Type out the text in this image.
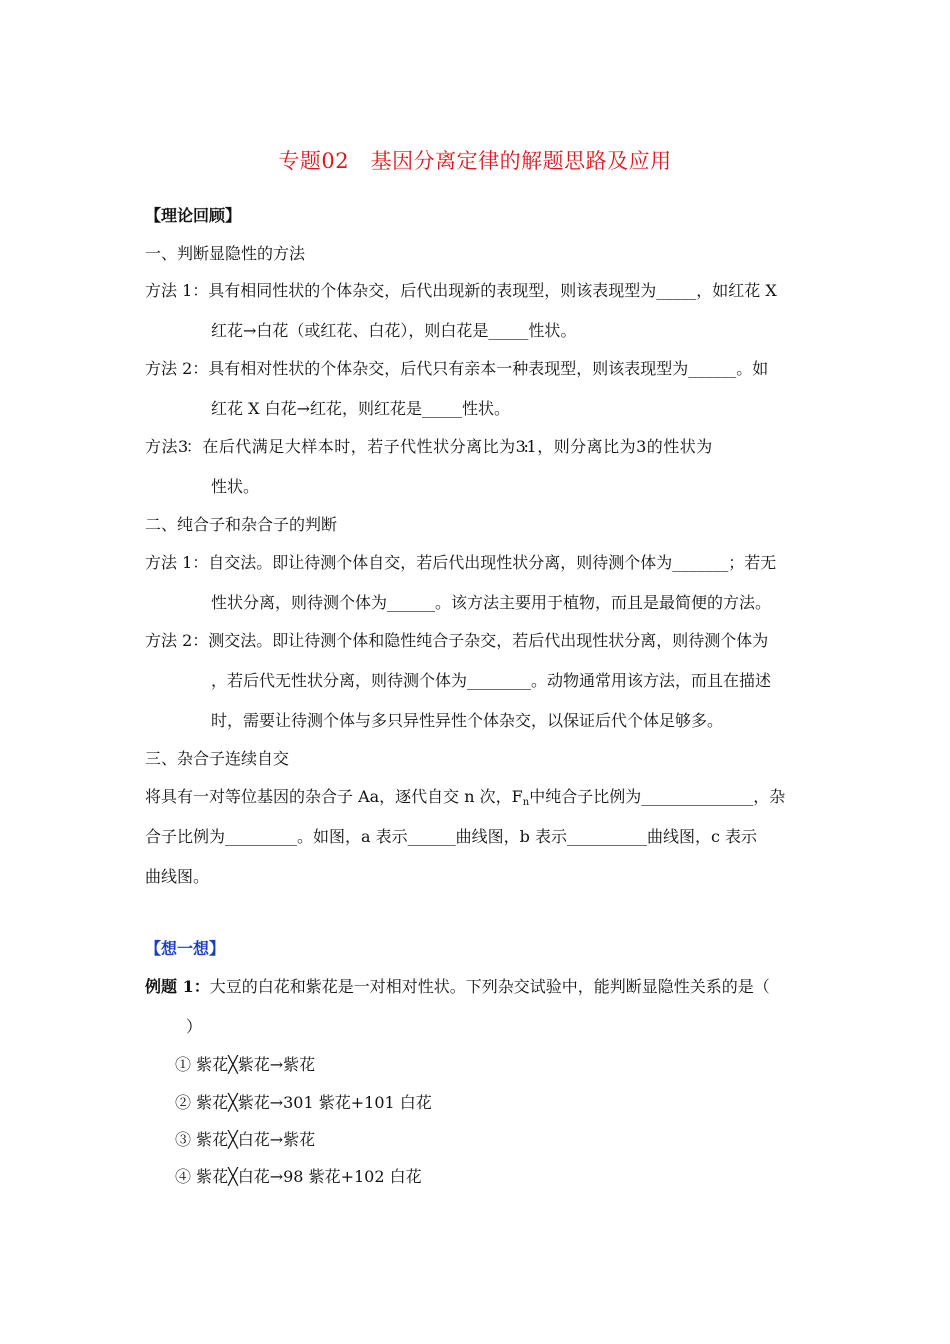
专题02　基因分离定律的解题思路及应用
【理论回顾】
一、判断显隐性的方法
方法 1：具有相同性状的个体杂交，后代出现新的表现型，则该表现型为_____，如红花 X
红花→白花（或红花、白花），则白花是_____性状。
方法 2：具有相对性状的个体杂交，后代只有亲本一种表现型，则该表现型为______。如
红花 X 白花→红花，则红花是_____性状。
方 法 3： 在 后 代 满 足 大 样 本 时 ， 若 子 代 性 状 分 离 比 为 3:1 ， 则 分 离 比 为 3 的 性 状 为
性状。
二、纯合子和杂合子的判断
方法 1：自交法。即让待测个体自交，若后代出现性状分离，则待测个体为_______；若无
性状分离，则待测个体为______。该方法主要用于植物，而且是最简便的方法。
方法 2：测交法。即让待测个体和隐性纯合子杂交，若后代出现性状分离，则待测个体为
，若后代无性状分离，则待测个体为________。动物通常用该方法，而且在描述
时，需要让待测个体与多只异性异性个体杂交，以保证后代个体足够多。
三、杂合子连续自交
将具有一对等位基因的杂合子 Aa，逐代自交 n 次，$F_n$中纯合子比例为______________，杂
合子比例为_________。如图，a 表示______曲线图，b 表示__________曲线图，c 表示
曲线图。
【想一想】
例题 1：大豆的白花和紫花是一对相对性状。下列杂交试验中，能判断显隐性关系的是（
）
① 紫花╳紫花→紫花
② 紫花╳紫花→301 紫花+101 白花
③ 紫花╳白花→紫花
④ 紫花╳白花→98 紫花+102 白花
